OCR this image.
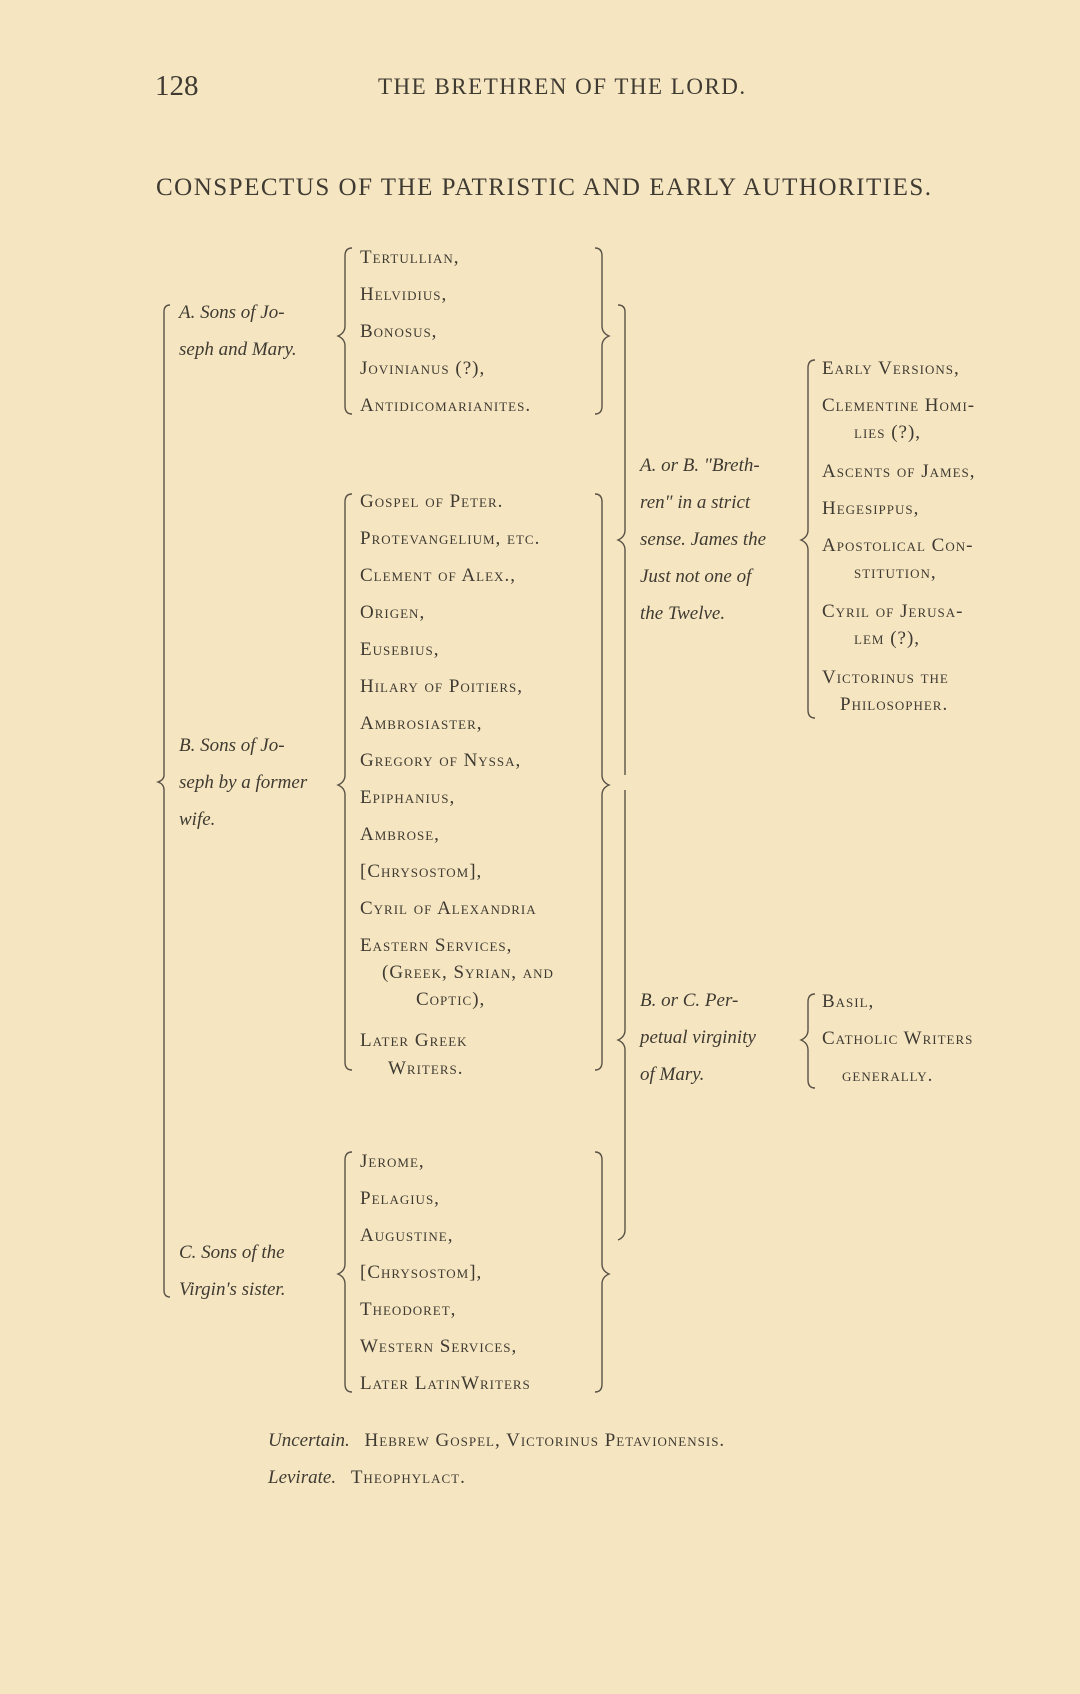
128	THE BRETHREN OF THE LORD.
CONSPECTUS OF THE PATRISTIC AND EARLY AUTHORITIES.
A. Sons of Jo-
seph and Mary.
Tertullian,
Helvidius,
Bonosus,
Jovinianus (?),
Antidicomarianites.
B. Sons of Jo-
seph by a former
wife.
Gospel of Peter.
Protevangelium, etc.
Clement of Alex.,
Origen,
Eusebius,
Hilary of Poitiers,
Ambrosiaster,
Gregory of Nyssa,
Epiphanius,
Ambrose,
[Chrysostom],
Cyril of Alexandria
Eastern Services,
(Greek, Syrian, and
Coptic),
Later Greek
Writers.
C. Sons of the
Virgin's sister.
Jerome,
Pelagius,
Augustine,
[Chrysostom],
Theodoret,
Western Services,
Later LatinWriters
A. or B. "Breth-
ren" in a strict
sense. James the
Just not one of
the Twelve.
Early Versions,
Clementine Homi-
lies (?),
Ascents of James,
Hegesippus,
Apostolical Con-
stitution,
Cyril of Jerusa-
lem (?),
Victorinus the
Philosopher.
B. or C. Per-
petual virginity
of Mary.
Basil,
Catholic Writers
generally.
Uncertain. Hebrew Gospel, Victorinus Petavionensis.
Levirate. Theophylact.
